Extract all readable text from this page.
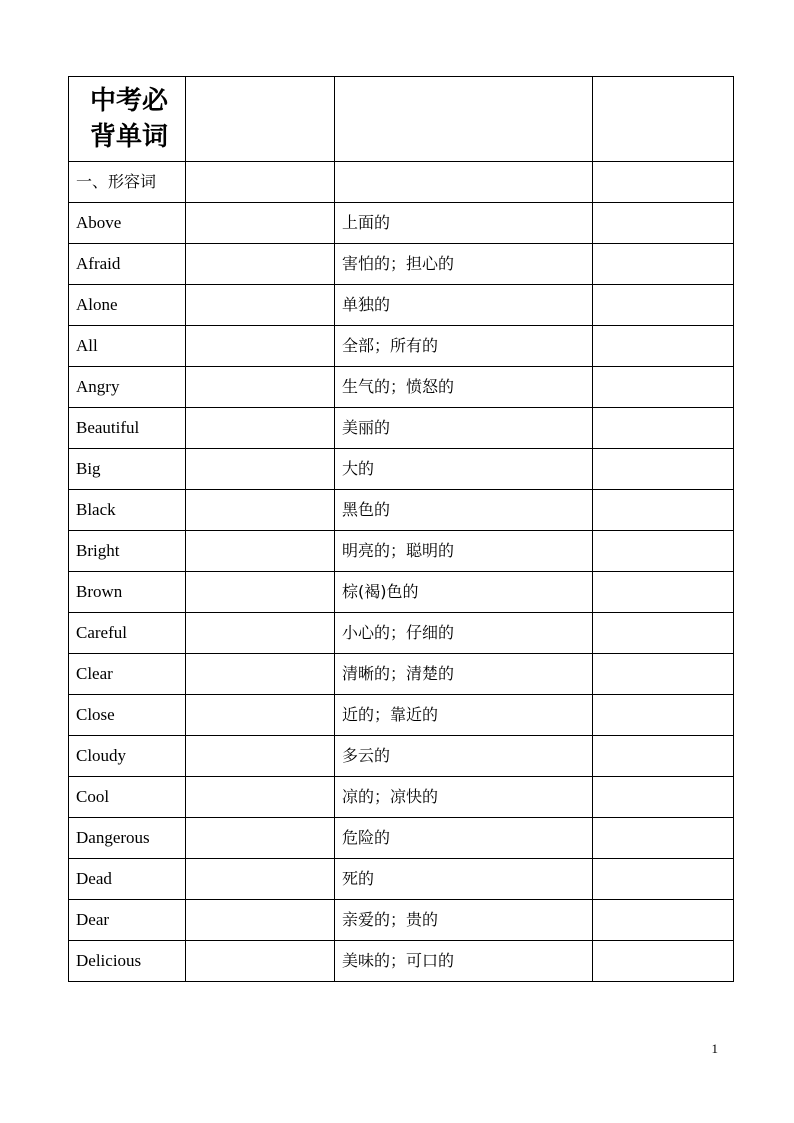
中考必
背单词			

一、形容词			
Above		上面的	
Afraid		害怕的；担心的	
Alone		单独的	
All		全部；所有的	
Angry		生气的；愤怒的	
Beautiful		美丽的	
Big		大的	
Black		黑色的	
Bright		明亮的；聪明的	
Brown		棕(褐)色的	
Careful		小心的；仔细的	
Clear		清晰的；清楚的	
Close		近的；靠近的	
Cloudy		多云的	
Cool		凉的；凉快的	
Dangerous		危险的	
Dead		死的	
Dear		亲爱的；贵的	
Delicious		美味的；可口的	
1
